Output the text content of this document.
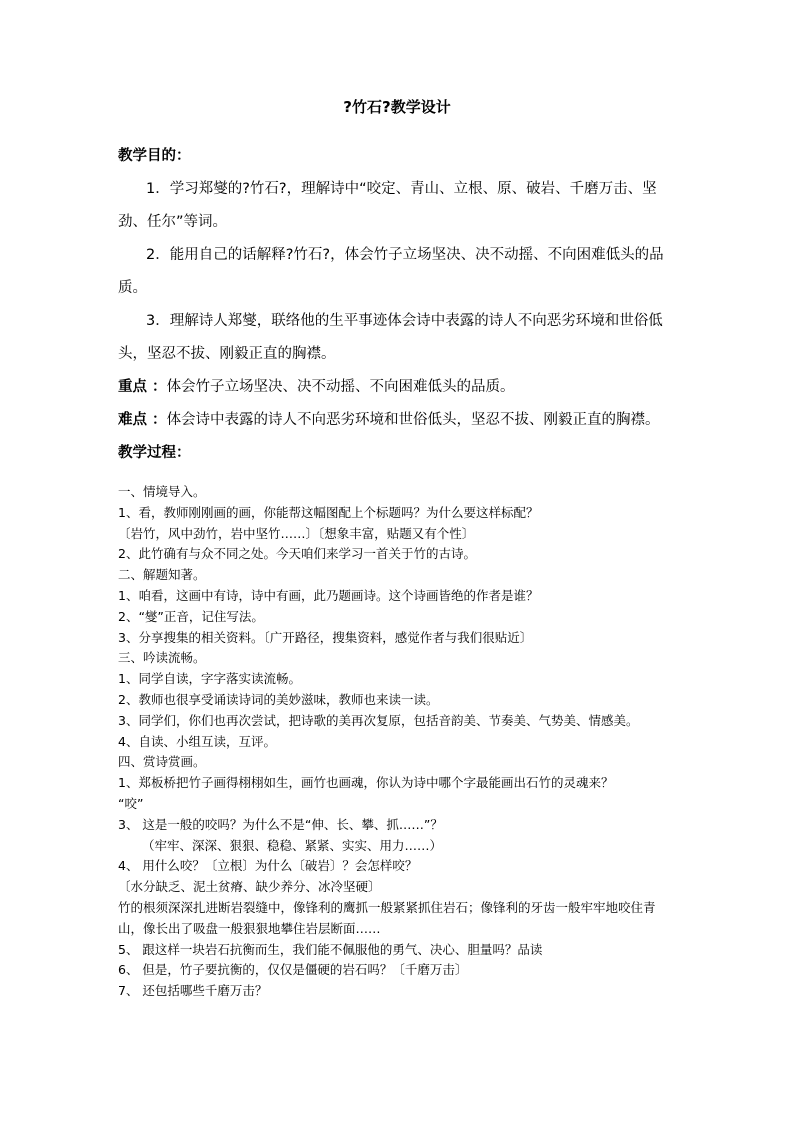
?竹石?教学设计

教学目的：

1．学习郑燮的?竹石?，理解诗中“咬定、青山、立根、原、破岩、千磨万击、坚劲、任尔”等词。

2．能用自己的话解释?竹石?，体会竹子立场坚决、决不动摇、不向困难低头的品质。

3．理解诗人郑燮，联络他的生平事迹体会诗中表露的诗人不向恶劣环境和世俗低头，坚忍不拔、刚毅正直的胸襟。

重点 ：体会竹子立场坚决、决不动摇、不向困难低头的品质。

难点 ：体会诗中表露的诗人不向恶劣环境和世俗低头，坚忍不拔、刚毅正直的胸襟。

教学过程：

一、情境导入。

1、看，教师刚刚画的画，你能帮这幅图配上个标题吗？为什么要这样标配？

〔岩竹，风中劲竹，岩中坚竹……〕〔想象丰富，贴题又有个性〕

2、此竹确有与众不同之处。今天咱们来学习一首关于竹的古诗。

二、解题知著。

1、咱看，这画中有诗，诗中有画，此乃题画诗。这个诗画皆绝的作者是谁？

2、“燮”正音，记住写法。

3、分享搜集的相关资料。〔广开路径，搜集资料，感觉作者与我们很贴近〕

三、吟读流畅。

1、同学自读，字字落实读流畅。

2、教师也很享受诵读诗词的美妙滋味，教师也来读一读。

3、同学们，你们也再次尝试，把诗歌的美再次复原，包括音韵美、节奏美、气势美、情感美。

4、自读、小组互读，互评。

四、赏诗赏画。

1、郑板桥把竹子画得栩栩如生，画竹也画魂，你认为诗中哪个字最能画出石竹的灵魂来？

“咬”

3、 这是一般的咬吗？为什么不是“伸、长、攀、抓……”？

（牢牢、深深、狠狠、稳稳、紧紧、实实、用力……）

4、 用什么咬？〔立根〕为什么〔破岩〕？会怎样咬？

〔水分缺乏、泥土贫瘠、缺少养分、冰冷坚硬〕

竹的根须深深扎进断岩裂缝中，像锋利的鹰抓一般紧紧抓住岩石；像锋利的牙齿一般牢牢地咬住青山，像长出了吸盘一般狠狠地攀住岩层断面……

5、 跟这样一块岩石抗衡而生，我们能不佩服他的勇气、决心、胆量吗？品读

6、 但是，竹子要抗衡的，仅仅是僵硬的岩石吗？〔千磨万击〕

7、 还包括哪些千磨万击？
